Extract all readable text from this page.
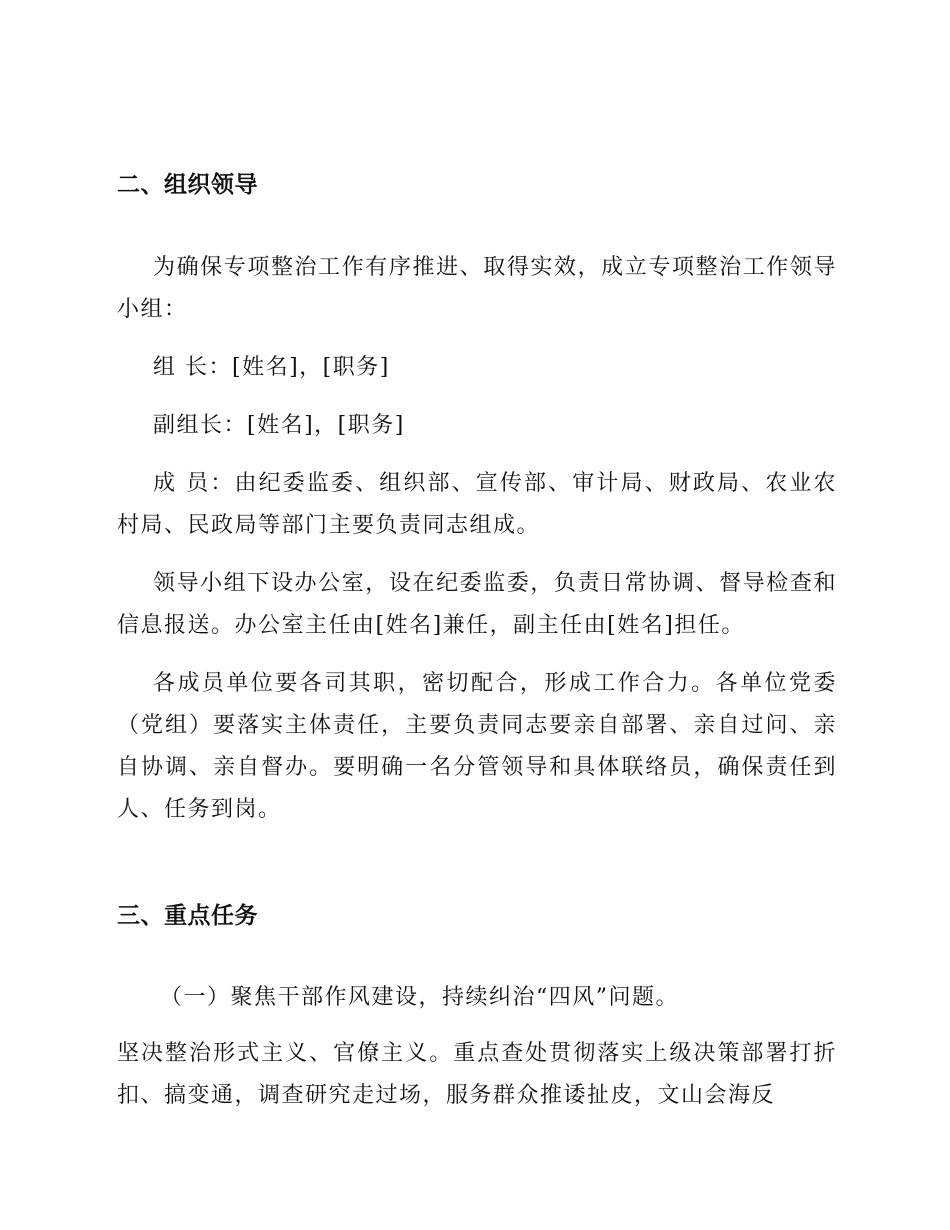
二、组织领导

为确保专项整治工作有序推进、取得实效，成立专项整治工作领导小组：

组 长：[姓名]，[职务]

副组长：[姓名]，[职务]

成 员：由纪委监委、组织部、宣传部、审计局、财政局、农业农村局、民政局等部门主要负责同志组成。

领导小组下设办公室，设在纪委监委，负责日常协调、督导检查和信息报送。办公室主任由[姓名]兼任，副主任由[姓名]担任。

各成员单位要各司其职，密切配合，形成工作合力。各单位党委（党组）要落实主体责任，主要负责同志要亲自部署、亲自过问、亲自协调、亲自督办。要明确一名分管领导和具体联络员，确保责任到人、任务到岗。

三、重点任务

（一）聚焦干部作风建设，持续纠治“四风”问题。

坚决整治形式主义、官僚主义。重点查处贯彻落实上级决策部署打折扣、搞变通，调查研究走过场，服务群众推诿扯皮，文山会海反
